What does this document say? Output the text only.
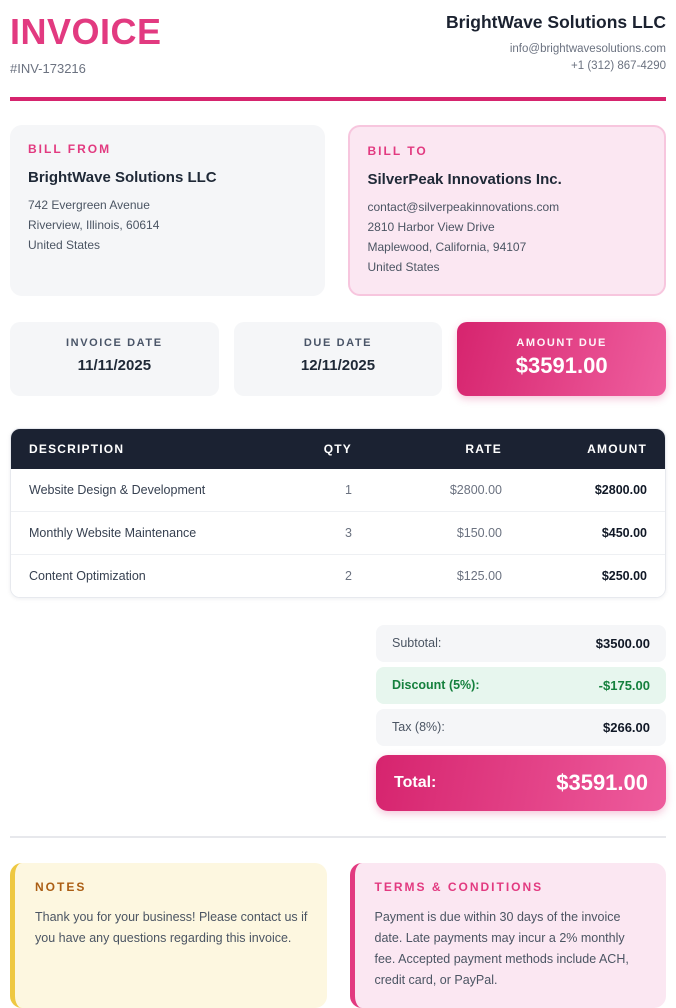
INVOICE
#INV-173216
BrightWave Solutions LLC
info@brightwavesolutions.com
+1 (312) 867-4290
BILL FROM
BrightWave Solutions LLC
742 Evergreen Avenue
Riverview, Illinois, 60614
United States
BILL TO
SilverPeak Innovations Inc.
contact@silverpeakinnovations.com
2810 Harbor View Drive
Maplewood, California, 94107
United States
INVOICE DATE
11/11/2025
DUE DATE
12/11/2025
AMOUNT DUE
$3591.00
DESCRIPTION	QTY	RATE	AMOUNT
Website Design & Development	1	$2800.00	$2800.00
Monthly Website Maintenance	3	$150.00	$450.00
Content Optimization	2	$125.00	$250.00
Subtotal:	$3500.00
Discount (5%):	-$175.00
Tax (8%):	$266.00
Total:	$3591.00
NOTES
Thank you for your business! Please contact us if you have any questions regarding this invoice.
TERMS & CONDITIONS
Payment is due within 30 days of the invoice date. Late payments may incur a 2% monthly fee. Accepted payment methods include ACH, credit card, or PayPal.
